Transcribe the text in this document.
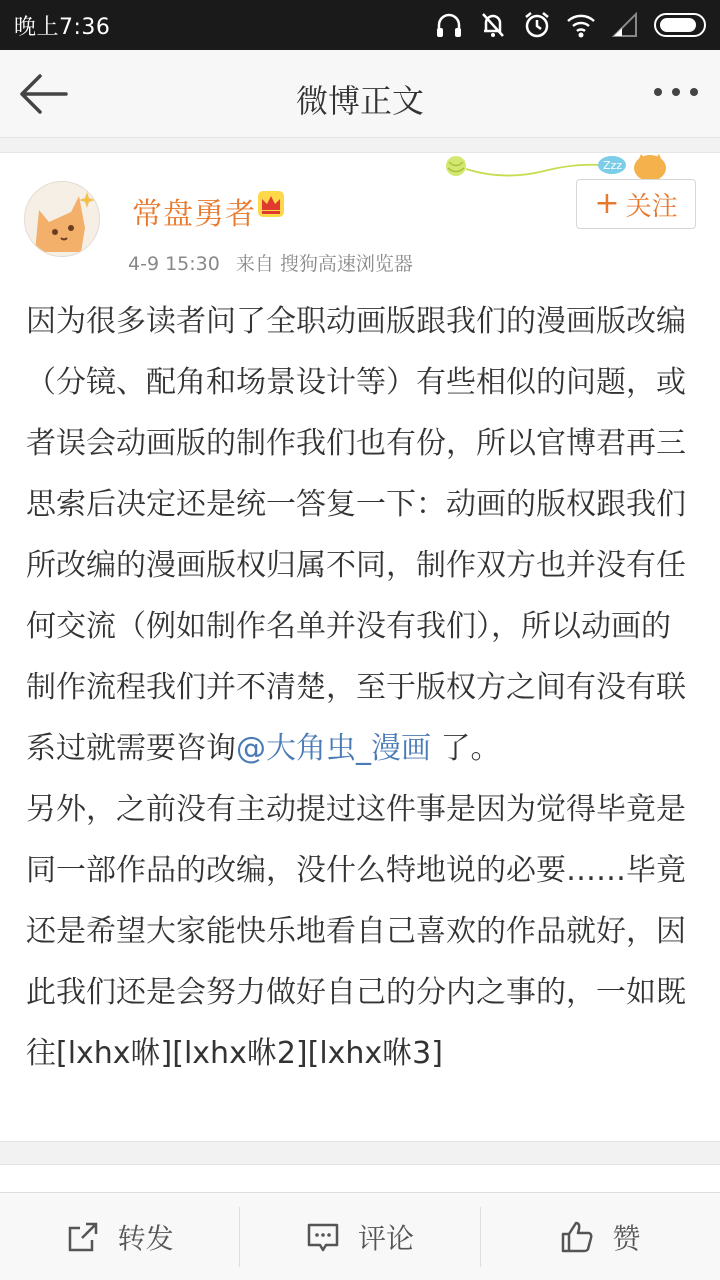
晚上7:36
微博正文
Zzz
常盘勇者
4-9 15:30 来自 搜狗高速浏览器
+ 关注
因为很多读者问了全职动画版跟我们的漫画版改编（分镜、配角和场景设计等）有些相似的问题，或者误会动画版的制作我们也有份，所以官博君再三思索后决定还是统一答复一下：动画的版权跟我们所改编的漫画版权归属不同，制作双方也并没有任何交流（例如制作名单并没有我们），所以动画的制作流程我们并不清楚，至于版权方之间有没有联系过就需要咨询@大角虫_漫画 了。
另外，之前没有主动提过这件事是因为觉得毕竟是同一部作品的改编，没什么特地说的必要……毕竟还是希望大家能快乐地看自己喜欢的作品就好，因此我们还是会努力做好自己的分内之事的，一如既往[lxhx咻][lxhx咻2][lxhx咻3]
转发	评论	赞
